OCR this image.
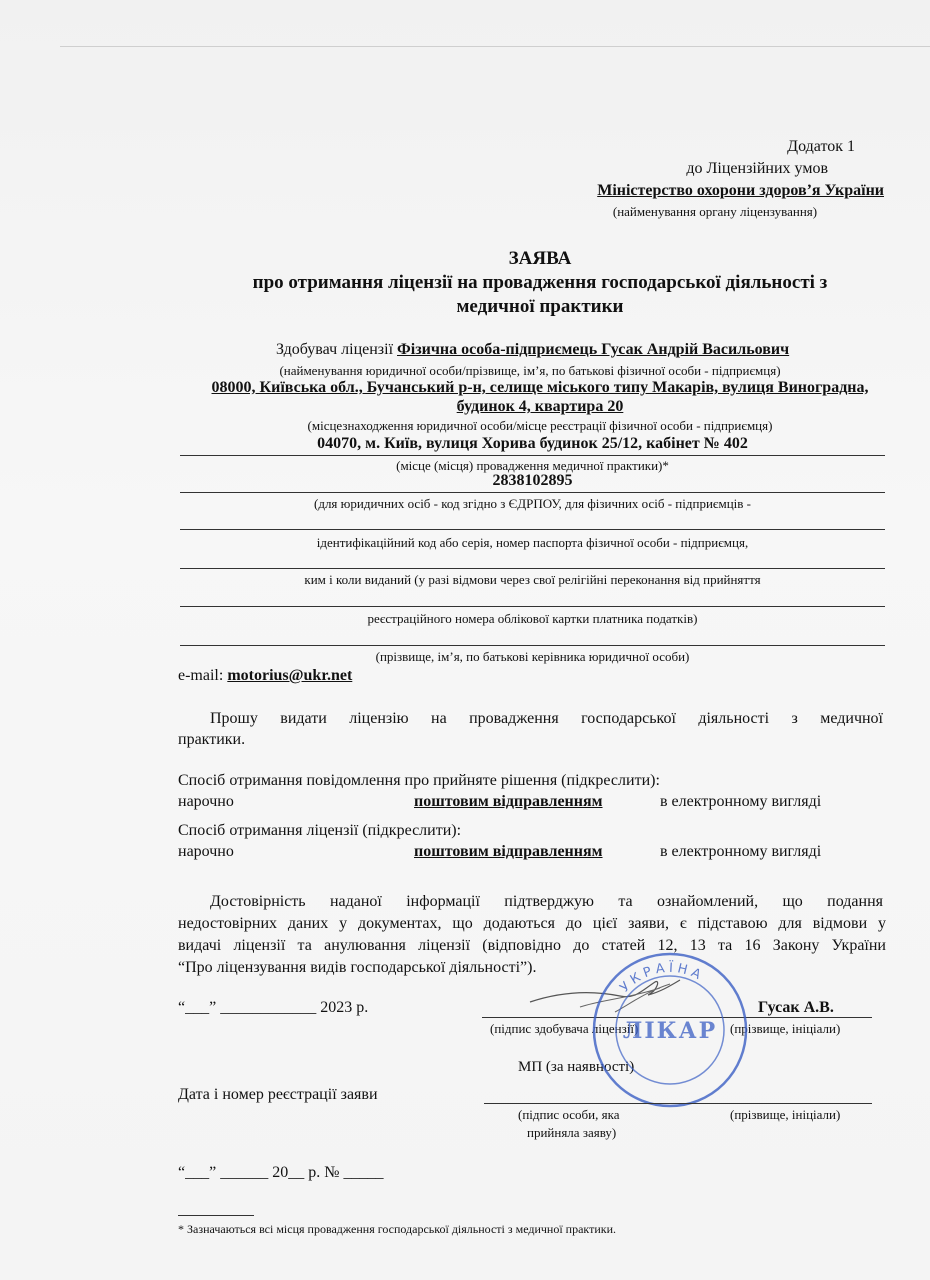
Додаток 1
до Ліцензійних умов
Міністерство охорони здоров’я України
(найменування органу ліцензування)
ЗАЯВА
про отримання ліцензії на провадження господарської діяльності з
медичної практики
Здобувач ліцензії Фізична особа-підприємець Гусак Андрій Васильович
(найменування юридичної особи/прізвище, ім’я, по батькові фізичної особи - підприємця)
08000, Київська обл., Бучанський р-н, селище міського типу Макарів, вулиця Виноградна,
будинок 4, квартира 20
(місцезнаходження юридичної особи/місце реєстрації фізичної особи - підприємця)
04070, м. Київ, вулиця Хорива будинок 25/12, кабінет № 402
(місце (місця) провадження медичної практики)*
2838102895
(для юридичних осіб - код згідно з ЄДРПОУ, для фізичних осіб - підприємців -
ідентифікаційний код або серія, номер паспорта фізичної особи - підприємця,
ким і коли виданий (у разі відмови через свої релігійні переконання від прийняття
реєстраційного номера облікової картки платника податків)
(прізвище, ім’я, по батькові керівника юридичної особи)
e-mail: motorius@ukr.net
Прошу видати ліцензію на провадження господарської діяльності з медичної
практики.
Спосіб отримання повідомлення про прийняте рішення (підкреслити):
нарочно	поштовим відправленням	в електронному вигляді
Спосіб отримання ліцензії (підкреслити):
нарочно	поштовим відправленням	в електронному вигляді
Достовірність наданої інформації підтверджую та ознайомлений, що подання
недостовірних даних у документах, що додаються до цієї заяви, є підставою для відмови у
видачі ліцензії та анулювання ліцензії (відповідно до статей 12, 13 та 16 Закону України
“Про ліцензування видів господарської діяльності”).
“___” ____________ 2023 р.	Гусак А.В.
(підпис здобувача ліцензії)	(прізвище, ініціали)
МП (за наявності)
УКРАЇНА
ЛІКАР
Дата і номер реєстрації заяви
(підпис особи, яка
прийняла заяву)
(прізвище, ініціали)
“___” ______ 20__ р. № _____
* Зазначаються всі місця провадження господарської діяльності з медичної практики.
